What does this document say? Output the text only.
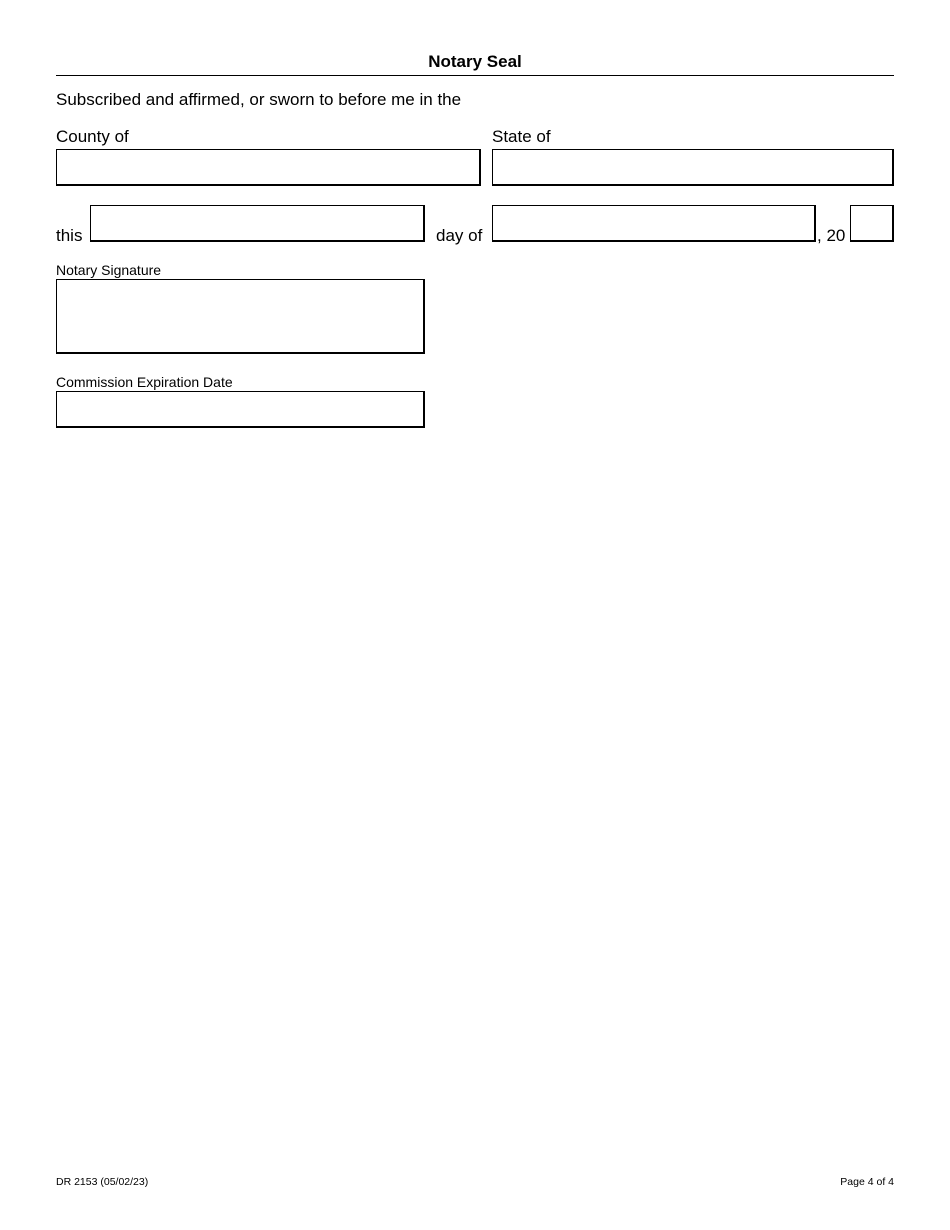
Notary Seal
Subscribed and affirmed, or sworn to before me in the
County of	State of
this	day of	, 20
Notary Signature
Commission Expiration Date
DR 2153 (05/02/23)	Page 4 of 4
